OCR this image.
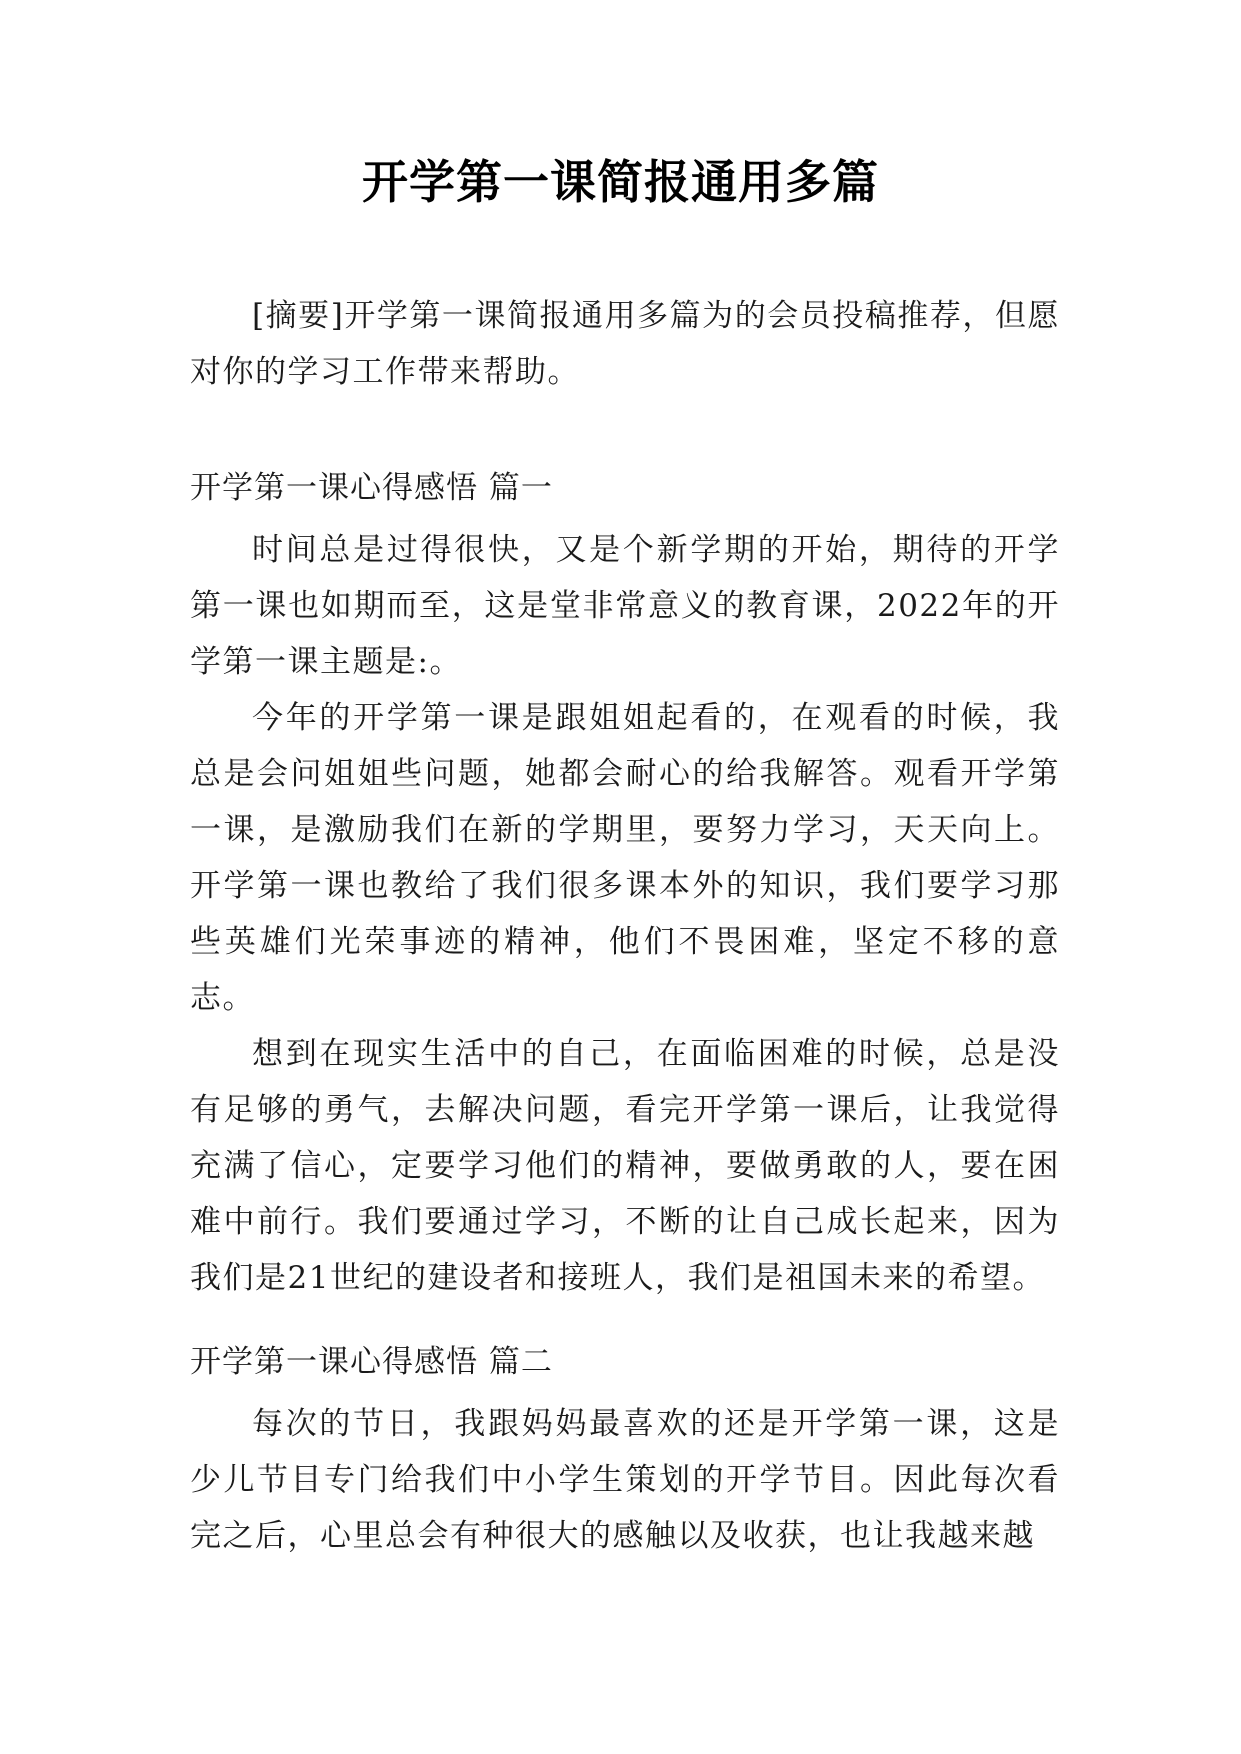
开学第一课简报通用多篇

[摘要]开学第一课简报通用多篇为的会员投稿推荐，但愿对你的学习工作带来帮助。

开学第一课心得感悟 篇一

时间总是过得很快，又是个新学期的开始，期待的开学第一课也如期而至，这是堂非常意义的教育课，2022年的开学第一课主题是:。

今年的开学第一课是跟姐姐起看的，在观看的时候，我总是会问姐姐些问题，她都会耐心的给我解答。观看开学第一课，是激励我们在新的学期里，要努力学习，天天向上。开学第一课也教给了我们很多课本外的知识，我们要学习那些英雄们光荣事迹的精神，他们不畏困难，坚定不移的意志。

想到在现实生活中的自己，在面临困难的时候，总是没有足够的勇气，去解决问题，看完开学第一课后，让我觉得充满了信心，定要学习他们的精神，要做勇敢的人，要在困难中前行。我们要通过学习，不断的让自己成长起来，因为我们是21世纪的建设者和接班人，我们是祖国未来的希望。

开学第一课心得感悟 篇二

每次的节日，我跟妈妈最喜欢的还是开学第一课，这是少儿节目专门给我们中小学生策划的开学节目。因此每次看完之后，心里总会有种很大的感触以及收获，也让我越来越
